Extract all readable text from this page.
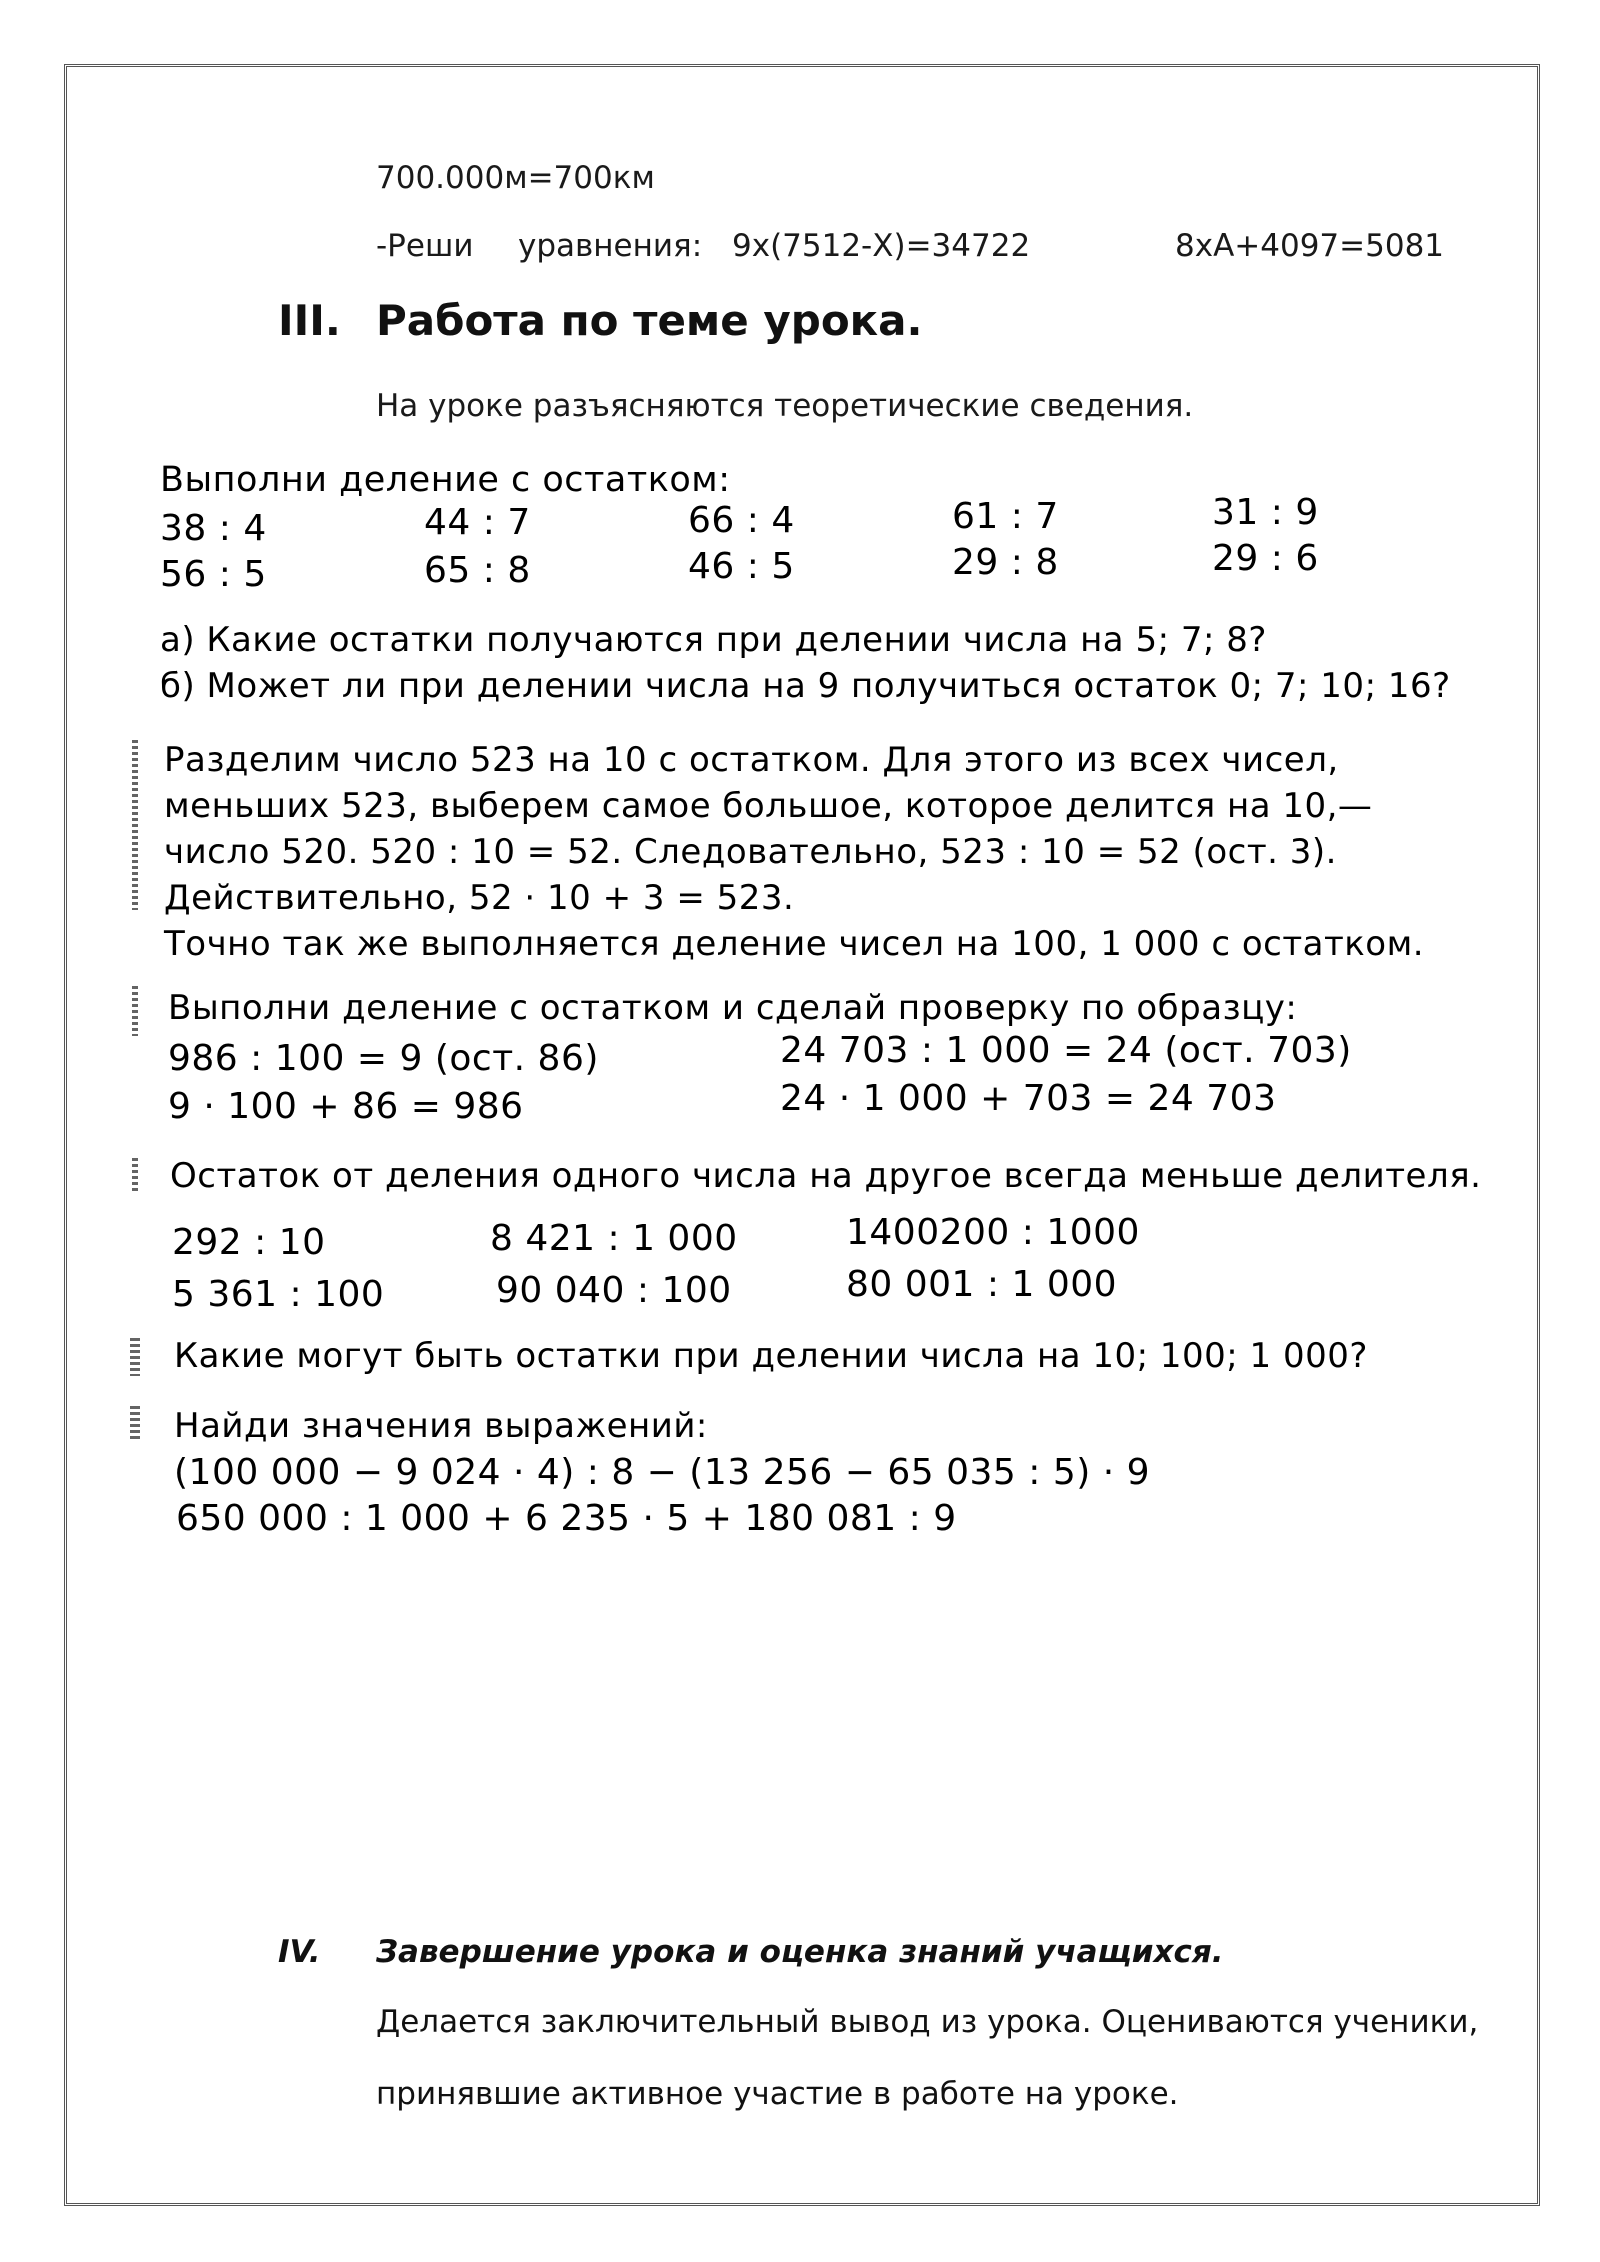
700.000м=700км
-Реши уравнения: 9х(7512-Х)=34722	8хА+4097=5081
III. Работа по теме урока.
На уроке разъясняются теоретические сведения.
Выполни деление с остатком:
38 : 4
56 : 5
44 : 7
65 : 8
66 : 4
46 : 5
61 : 7
29 : 8
31 : 9
29 : 6
а) Какие остатки получаются при делении числа на 5; 7; 8?
б) Может ли при делении числа на 9 получиться остаток 0; 7; 10; 16?
Разделим число 523 на 10 с остатком. Для этого из всех чисел,
меньших 523, выберем самое большое, которое делится на 10,—
число 520. 520 : 10 = 52. Следовательно, 523 : 10 = 52 (ост. 3).
Действительно, 52 · 10 + 3 = 523.
Точно так же выполняется деление чисел на 100, 1 000 с остатком.
Выполни деление с остатком и сделай проверку по образцу:
986 : 100 = 9 (ост. 86)
9 · 100 + 86 = 986
24 703 : 1 000 = 24 (ост. 703)
24 · 1 000 + 703 = 24 703
Остаток от деления одного числа на другое всегда меньше делителя.
292 : 10
5 361 : 100
8 421 : 1 000
90 040 : 100
1400200 : 1000
80 001 : 1 000
Какие могут быть остатки при делении числа на 10; 100; 1 000?
Найди значения выражений:
(100 000 − 9 024 · 4) : 8 − (13 256 − 65 035 : 5) · 9
650 000 : 1 000 + 6 235 · 5 + 180 081 : 9
IV. Завершение урока и оценка знаний учащихся.
Делается заключительный вывод из урока. Оцениваются ученики,
принявшие активное участие в работе на уроке.
